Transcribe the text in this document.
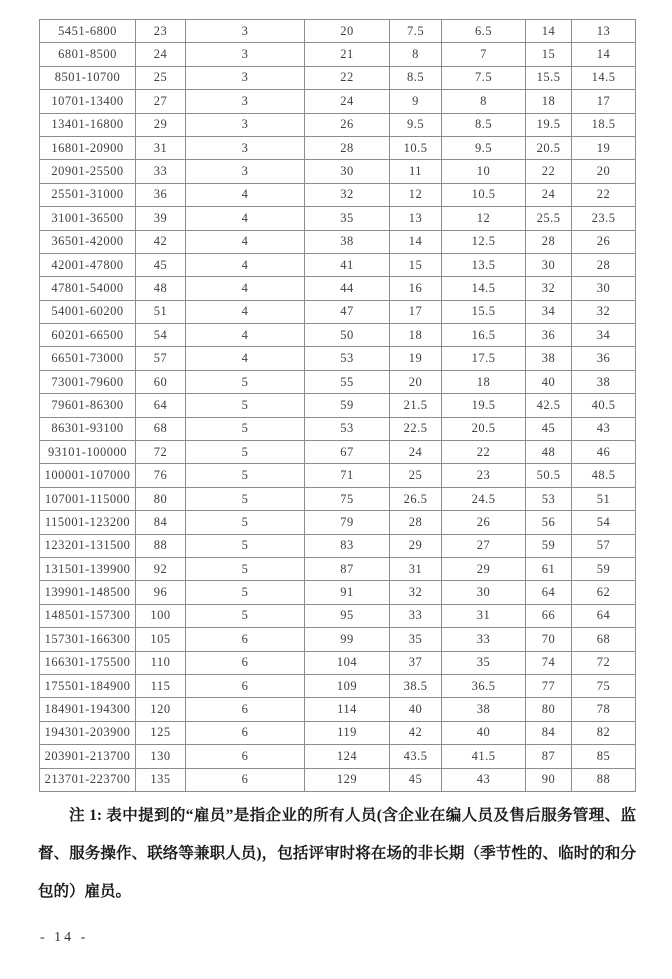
5451-6800	23	3	20	7.5	6.5	14	13
6801-8500	24	3	21	8	7	15	14
8501-10700	25	3	22	8.5	7.5	15.5	14.5
10701-13400	27	3	24	9	8	18	17
13401-16800	29	3	26	9.5	8.5	19.5	18.5
16801-20900	31	3	28	10.5	9.5	20.5	19
20901-25500	33	3	30	11	10	22	20
25501-31000	36	4	32	12	10.5	24	22
31001-36500	39	4	35	13	12	25.5	23.5
36501-42000	42	4	38	14	12.5	28	26
42001-47800	45	4	41	15	13.5	30	28
47801-54000	48	4	44	16	14.5	32	30
54001-60200	51	4	47	17	15.5	34	32
60201-66500	54	4	50	18	16.5	36	34
66501-73000	57	4	53	19	17.5	38	36
73001-79600	60	5	55	20	18	40	38
79601-86300	64	5	59	21.5	19.5	42.5	40.5
86301-93100	68	5	53	22.5	20.5	45	43
93101-100000	72	5	67	24	22	48	46
100001-107000	76	5	71	25	23	50.5	48.5
107001-115000	80	5	75	26.5	24.5	53	51
115001-123200	84	5	79	28	26	56	54
123201-131500	88	5	83	29	27	59	57
131501-139900	92	5	87	31	29	61	59
139901-148500	96	5	91	32	30	64	62
148501-157300	100	5	95	33	31	66	64
157301-166300	105	6	99	35	33	70	68
166301-175500	110	6	104	37	35	74	72
175501-184900	115	6	109	38.5	36.5	77	75
184901-194300	120	6	114	40	38	80	78
194301-203900	125	6	119	42	40	84	82
203901-213700	130	6	124	43.5	41.5	87	85
213701-223700	135	6	129	45	43	90	88

注 1: 表中提到的“雇员”是指企业的所有人员(含企业在编人员及售后服务管理、监督、服务操作、联络等兼职人员)，包括评审时将在场的非长期（季节性的、临时的和分包的）雇员。

- 14 -
